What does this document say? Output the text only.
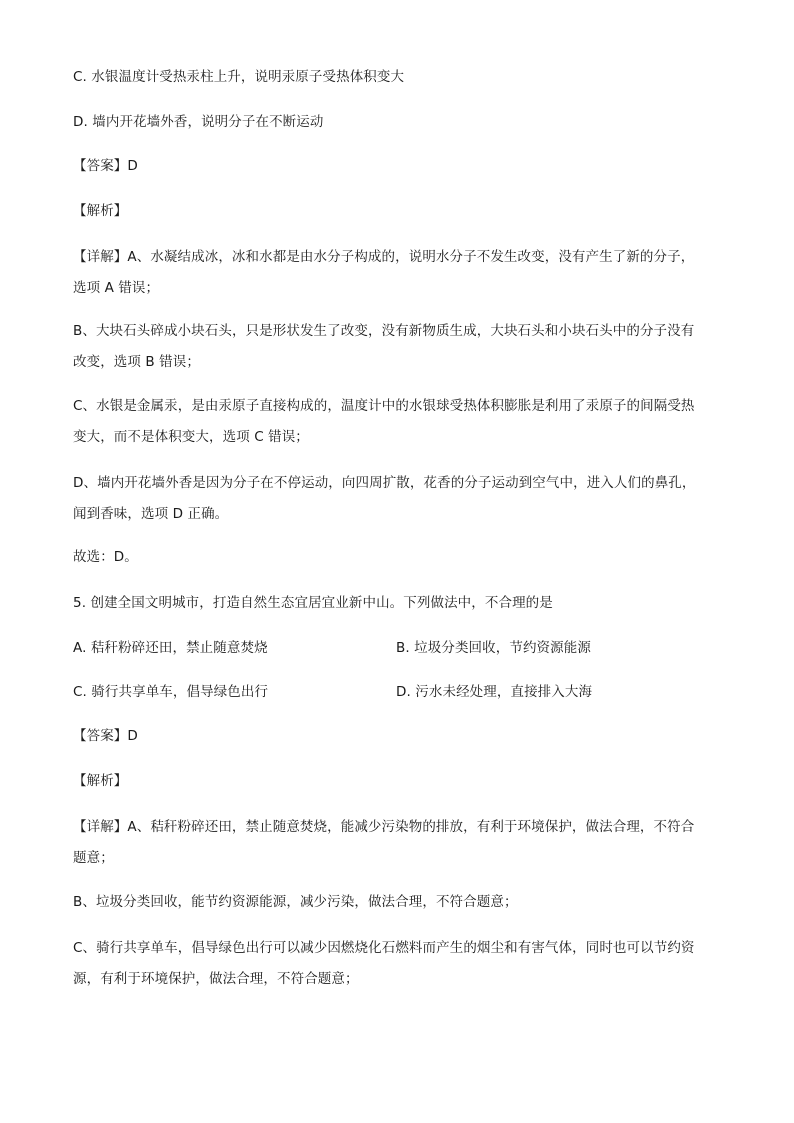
C. 水银温度计受热汞柱上升，说明汞原子受热体积变大
D. 墙内开花墙外香，说明分子在不断运动
【答案】D
【解析】
【详解】A、水凝结成冰，冰和水都是由水分子构成的，说明水分子不发生改变，没有产生了新的分子，
选项 A 错误；
B、大块石头碎成小块石头，只是形状发生了改变，没有新物质生成，大块石头和小块石头中的分子没有
改变，选项 B 错误；
C、水银是金属汞，是由汞原子直接构成的，温度计中的水银球受热体积膨胀是利用了汞原子的间隔受热
变大，而不是体积变大，选项 C 错误；
D、墙内开花墙外香是因为分子在不停运动，向四周扩散，花香的分子运动到空气中，进入人们的鼻孔，
闻到香味，选项 D 正确。
故选：D。
5. 创建全国文明城市，打造自然生态宜居宜业新中山。下列做法中，不合理的是
A. 秸秆粉碎还田，禁止随意焚烧	B. 垃圾分类回收，节约资源能源
C. 骑行共享单车，倡导绿色出行	D. 污水未经处理，直接排入大海
【答案】D
【解析】
【详解】A、秸秆粉碎还田，禁止随意焚烧，能减少污染物的排放，有利于环境保护，做法合理，不符合
题意；
B、垃圾分类回收，能节约资源能源，减少污染，做法合理，不符合题意；
C、骑行共享单车，倡导绿色出行可以减少因燃烧化石燃料而产生的烟尘和有害气体，同时也可以节约资
源，有利于环境保护，做法合理，不符合题意；
